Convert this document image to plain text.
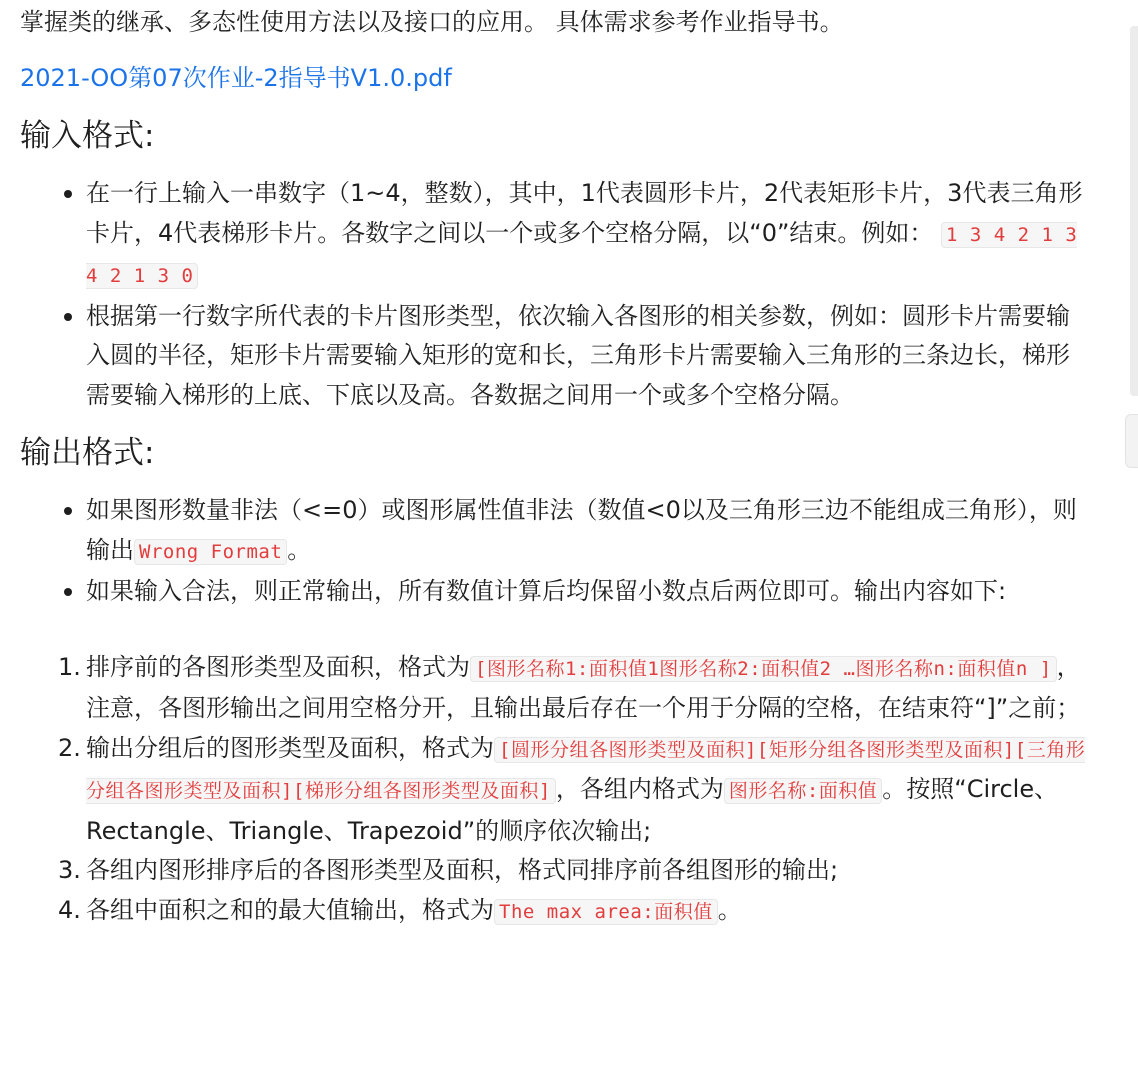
掌握类的继承、多态性使用方法以及接口的应用。 具体需求参考作业指导书。
2021-OO第07次作业-2指导书V1.0.pdf
输入格式:
在一行上输入一串数字（1~4，整数），其中，1代表圆形卡片，2代表矩形卡片，3代表三角形卡片，4代表梯形卡片。各数字之间以一个或多个空格分隔，以“0”结束。例如： 1 3 4 2 1 3 4 2 1 3 0
根据第一行数字所代表的卡片图形类型，依次输入各图形的相关参数，例如：圆形卡片需要输入圆的半径，矩形卡片需要输入矩形的宽和长，三角形卡片需要输入三角形的三条边长，梯形需要输入梯形的上底、下底以及高。各数据之间用一个或多个空格分隔。
输出格式:
如果图形数量非法（<=0）或图形属性值非法（数值<0以及三角形三边不能组成三角形），则输出 Wrong Format 。
如果输入合法，则正常输出，所有数值计算后均保留小数点后两位即可。输出内容如下:
1. 排序前的各图形类型及面积，格式为 [图形名称1:面积值1图形名称2:面积值2 …图形名称n:面积值n ] ，注意，各图形输出之间用空格分开，且输出最后存在一个用于分隔的空格，在结束符“]”之前；
2. 输出分组后的图形类型及面积，格式为 [圆形分组各图形类型及面积][矩形分组各图形类型及面积][三角形分组各图形类型及面积][梯形分组各图形类型及面积] ，各组内格式为 图形名称:面积值 。按照“Circle、Rectangle、Triangle、Trapezoid”的顺序依次输出;
3. 各组内图形排序后的各图形类型及面积，格式同排序前各组图形的输出;
4. 各组中面积之和的最大值输出，格式为 The max area:面积值 。
